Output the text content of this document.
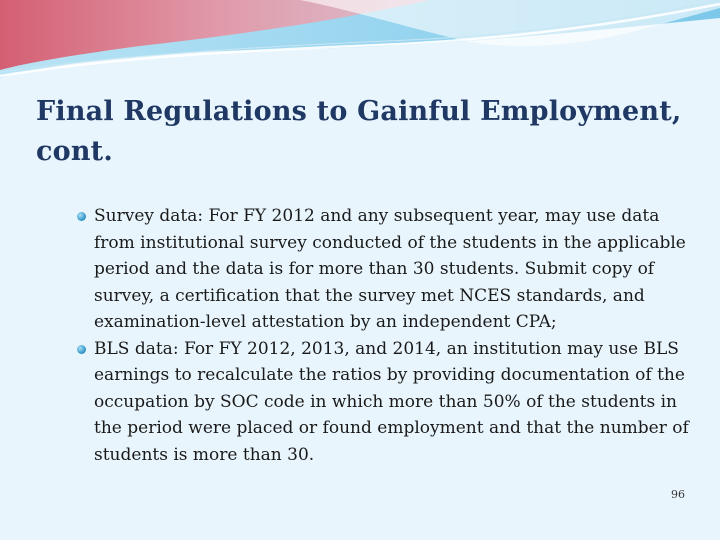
Final Regulations to Gainful Employment, cont.
Survey data: For FY 2012 and any subsequent year, may use data from institutional survey conducted of the students in the applicable period and the data is for more than 30 students. Submit copy of survey, a certification that the survey met NCES standards, and examination-level attestation by an independent CPA;
BLS data: For FY 2012, 2013, and 2014, an institution may use BLS earnings to recalculate the ratios by providing documentation of the occupation by SOC code in which more than 50% of the students in the period were placed or found employment and that the number of students is more than 30.
96
